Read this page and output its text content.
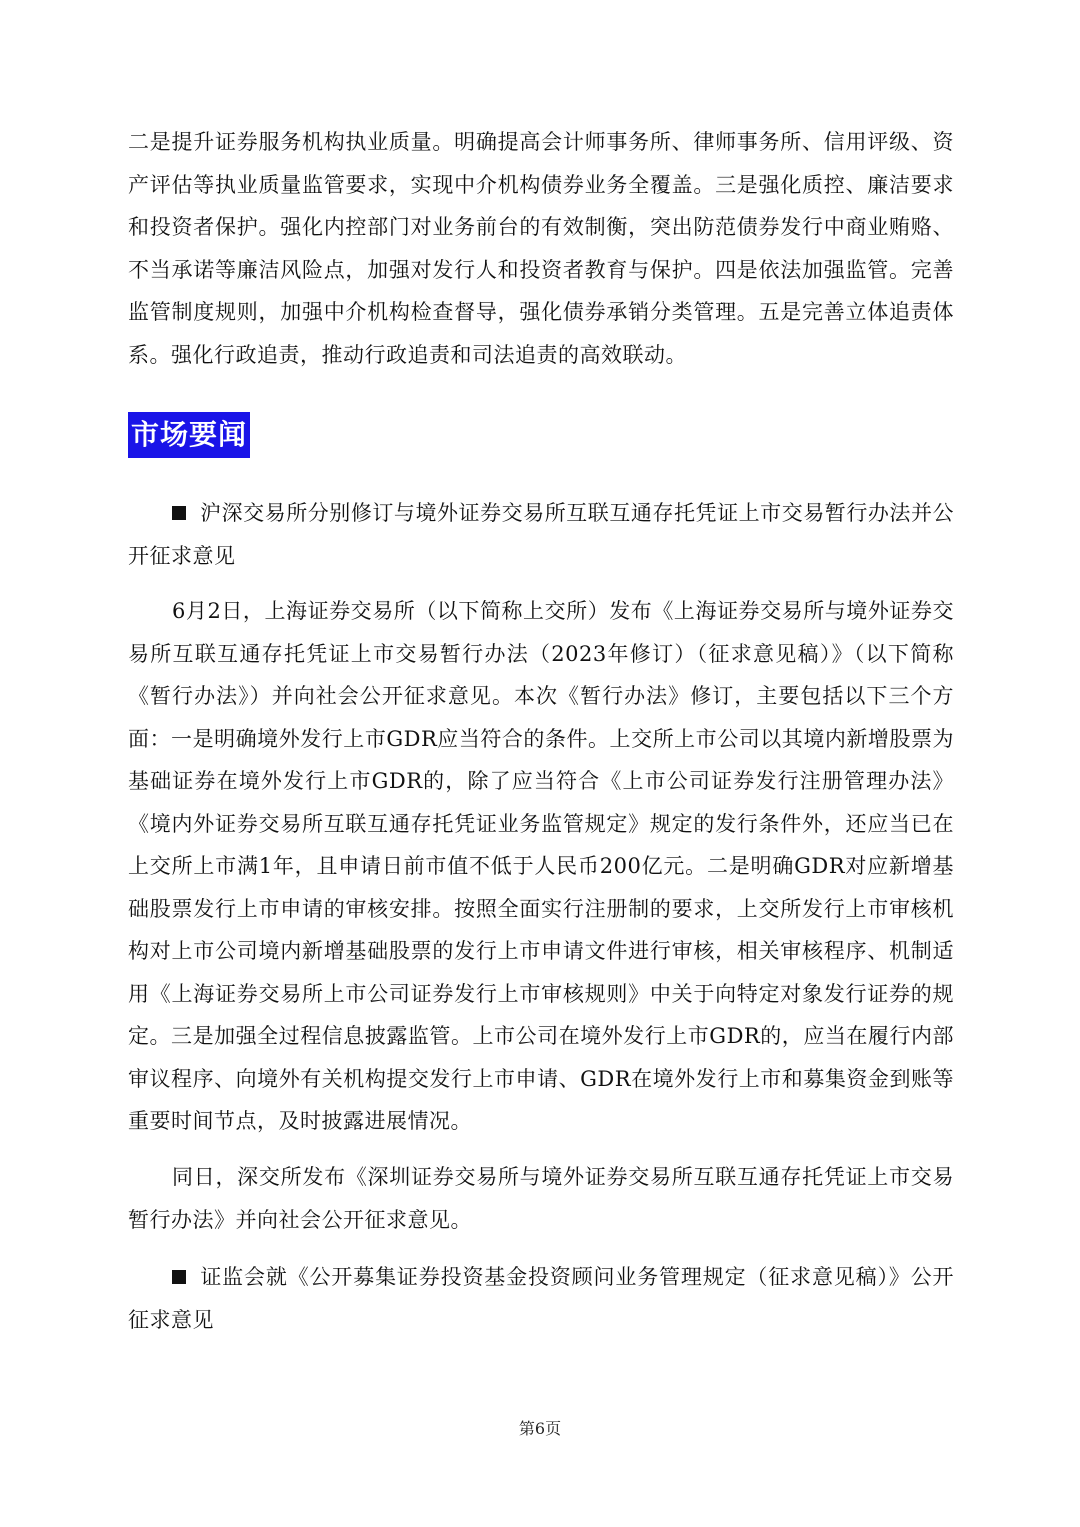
二是提升证券服务机构执业质量。明确提高会计师事务所、律师事务所、信用评级、资产评估等执业质量监管要求，实现中介机构债券业务全覆盖。三是强化质控、廉洁要求和投资者保护。强化内控部门对业务前台的有效制衡，突出防范债券发行中商业贿赂、不当承诺等廉洁风险点，加强对发行人和投资者教育与保护。四是依法加强监管。完善监管制度规则，加强中介机构检查督导，强化债券承销分类管理。五是完善立体追责体系。强化行政追责，推动行政追责和司法追责的高效联动。

市场要闻

沪深交易所分别修订与境外证券交易所互联互通存托凭证上市交易暂行办法并公开征求意见

6月2日，上海证券交易所（以下简称上交所）发布《上海证券交易所与境外证券交易所互联互通存托凭证上市交易暂行办法（2023年修订）（征求意见稿）》（以下简称《暂行办法》）并向社会公开征求意见。本次《暂行办法》修订，主要包括以下三个方面：一是明确境外发行上市GDR应当符合的条件。上交所上市公司以其境内新增股票为基础证券在境外发行上市GDR的，除了应当符合《上市公司证券发行注册管理办法》《境内外证券交易所互联互通存托凭证业务监管规定》规定的发行条件外，还应当已在上交所上市满1年，且申请日前市值不低于人民币200亿元。二是明确GDR对应新增基础股票发行上市申请的审核安排。按照全面实行注册制的要求，上交所发行上市审核机构对上市公司境内新增基础股票的发行上市申请文件进行审核，相关审核程序、机制适用《上海证券交易所上市公司证券发行上市审核规则》中关于向特定对象发行证券的规定。三是加强全过程信息披露监管。上市公司在境外发行上市GDR的，应当在履行内部审议程序、向境外有关机构提交发行上市申请、GDR在境外发行上市和募集资金到账等重要时间节点，及时披露进展情况。

同日，深交所发布《深圳证券交易所与境外证券交易所互联互通存托凭证上市交易暂行办法》并向社会公开征求意见。

证监会就《公开募集证券投资基金投资顾问业务管理规定（征求意见稿）》公开征求意见

第6页
